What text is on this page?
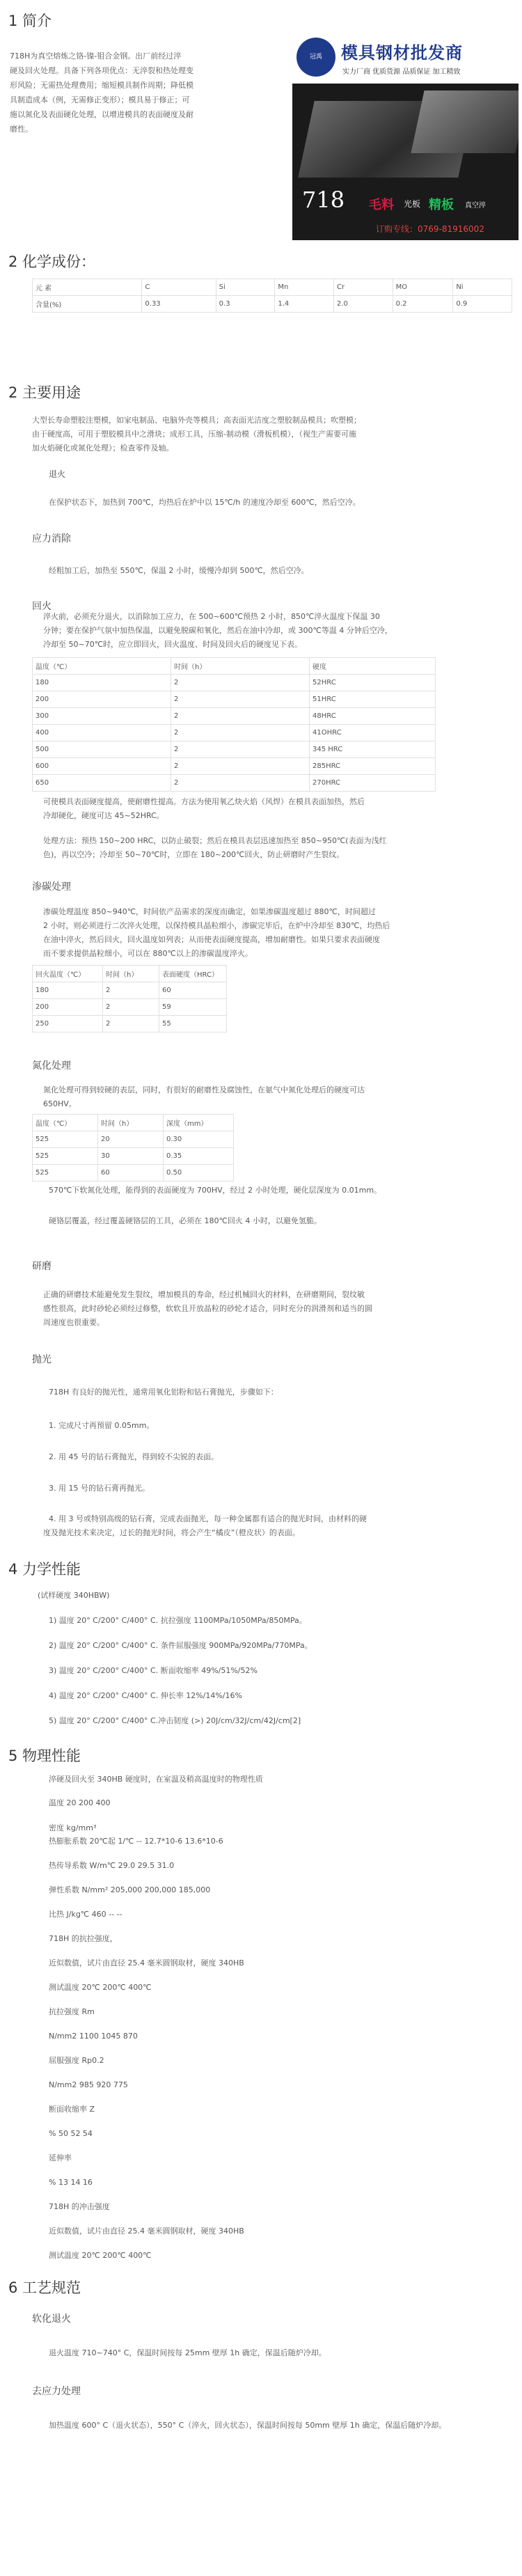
1 简介

718H为真空熔炼之铬-镍-钼合金钢。出厂前经过淬

硬及回火处理。具备下列各项优点：无淬裂和热处理变

形风险；无需热处理费用；缩短模具制作周期；降低模

具制造成本（例，无需修正变形）；模具易于修正；可

施以氮化及表面硬化处理，以增进模具的表面硬度及耐

磨性。

冠禹	模具钢材批发商
实力厂商 优质货源 品质保证 加工精致
718 毛料 光板 精板 真空淬
订购专线：0769-81916002
2 化学成份：
元 素	C	Si	Mn	Cr	MO	Ni
含量(%)	0.33	0.3	1.4	2.0	0.2	0.9
2 主要用途

大型长寿命塑胶注塑模，如家电制品、电脑外壳等模具；高表面光洁度之塑胶制品模具；吹塑模；

由于硬度高，可用于塑胶模具中之滑块；成形工具，压缩-制动模（滑板机模），（视生产需要可施

加火焰硬化或氮化处理）；检查零件及轴。

退火
在保护状态下，加热到 700℃，均热后在炉中以 15℃/h 的速度冷却至 600℃，然后空冷。
应力消除
经粗加工后，加热至 550℃，保温 2 小时，缓慢冷却到 500℃，然后空冷。
回火

淬火前，必须充分退火，以消除加工应力，在 500~600℃预热 2 小时，850℃淬火温度下保温 30

分钟；要在保护气氛中加热保温，以避免脱碳和氧化，然后在油中冷却，或 300℃等温 4 分钟后空冷，

冷却至 50~70℃时，应立即回火，回火温度、时间及回火后的硬度见下表。

温度（℃）	时间（h）	硬度
180	2	52HRC
200	2	51HRC
300	2	48HRC
400	2	41OHRC
500	2	345 HRC
600	2	285HRC
650	2	270HRC

可使模具表面硬度提高，使耐磨性提高。方法为使用氧乙炔火焰（风焊）在模具表面加热，然后

冷却硬化，硬度可达 45~52HRC。

处理方法：预热 150~200 HRC，以防止破裂；然后在模具表层迅速加热至 850~950℃(表面为浅红

色)，再以空冷；冷却至 50~70℃时，立即在 180~200℃回火，防止研磨时产生裂纹。

渗碳处理

渗碳处理温度 850~940℃，时间依产品需求的深度而确定，如果渗碳温度超过 880℃，时间超过

2 小时，则必须进行二次淬火处理，以保持模具晶粒细小，渗碳完毕后，在炉中冷却至 830℃，均热后

在油中淬火，然后回火，回火温度如列表；从而使表面硬度提高，增加耐磨性。如果只要求表面硬度

而不要求提供晶粒细小，可以在 880℃以上的渗碳温度淬火。

回火温度（℃）	时间（h）	表面硬度（HRC）
180	2	60
200	2	59
250	2	55
氮化处理

氮化处理可得到较硬的表层，同时，有很好的耐磨性及腐蚀性，在氨气中氮化处理后的硬度可达

650HV。

温度（℃）	时间（h）	深度（mm）
525	20	0.30
525	30	0.35
525	60	0.50
570℃下软氮化处理，能得到的表面硬度为 700HV，经过 2 小时处理，硬化层深度为 0.01mm。
硬铬层覆盖，经过覆盖硬铬层的工具，必须在 180℃回火 4 小时，以避免氢脆。
研磨

正确的研磨技术能避免发生裂纹，增加模具的寿命，经过机械回火的材料，在研磨期间，裂纹敏

感性很高，此时砂轮必须经过修整，软软且开放晶粒的砂轮才适合，同时充分的润滑剂和适当的圆

周速度也很重要。

抛光
718H 有良好的抛光性，通常用氧化铝粉和钻石膏抛光，步骤如下：
1. 完成尺寸再预留 0.05mm。
2. 用 45 号的钻石膏抛光，得到较不尖锐的表面。
3. 用 15 号的钻石膏再抛光。
4. 用 3 号或特别高级的钻石膏，完成表面抛光，每一种金属都有适合的抛光时间，由材料的硬
度及抛光技术来决定，过长的抛光时间，将会产生“橘皮”（橙皮状）的表面。
4 力学性能
(试样硬度 340HBW)
1) 温度 20° C/200° C/400° C. 抗拉强度 1100MPa/1050MPa/850MPa。
2) 温度 20° C/200° C/400° C. 条件屈服强度 900MPa/920MPa/770MPa。
3) 温度 20° C/200° C/400° C. 断面收缩率 49%/51%/52%
4) 温度 20° C/200° C/400° C. 伸长率 12%/14%/16%
5) 温度 20° C/200° C/400° C.冲击韧度 (>) 20J/cm/32J/cm/42J/cm[2]
5 物理性能
淬硬及回火至 340HB 硬度时，在室温及稍高温度时的物理性质
温度 20 200 400
密度 kg/mm³
热膨胀系数 20℃起 1/℃ -- 12.7*10-6 13.6*10-6
热传导系数 W/m℃ 29.0 29.5 31.0
弹性系数 N/mm² 205,000 200,000 185,000
比热 J/kg℃ 460 -- --
718H 的抗拉强度，
近似数值，试片由直径 25.4 毫米圆钢取材，硬度 340HB
测试温度 20℃ 200℃ 400℃
抗拉强度 Rm
N/mm2 1100 1045 870
屈服强度 Rp0.2
N/mm2 985 920 775
断面收缩率 Z
% 50 52 54
延伸率
% 13 14 16
718H 的冲击强度
近似数值，试片由直径 25.4 毫米圆钢取材，硬度 340HB
测试温度 20℃ 200℃ 400℃
6 工艺规范
软化退火
退火温度 710~740° C，保温时间按每 25mm 壁厚 1h 确定，保温后随炉冷却。
去应力处理
加热温度 600° C（退火状态），550° C（淬火，回火状态），保温时间按每 50mm 壁厚 1h 确定，保温后随炉冷却。
